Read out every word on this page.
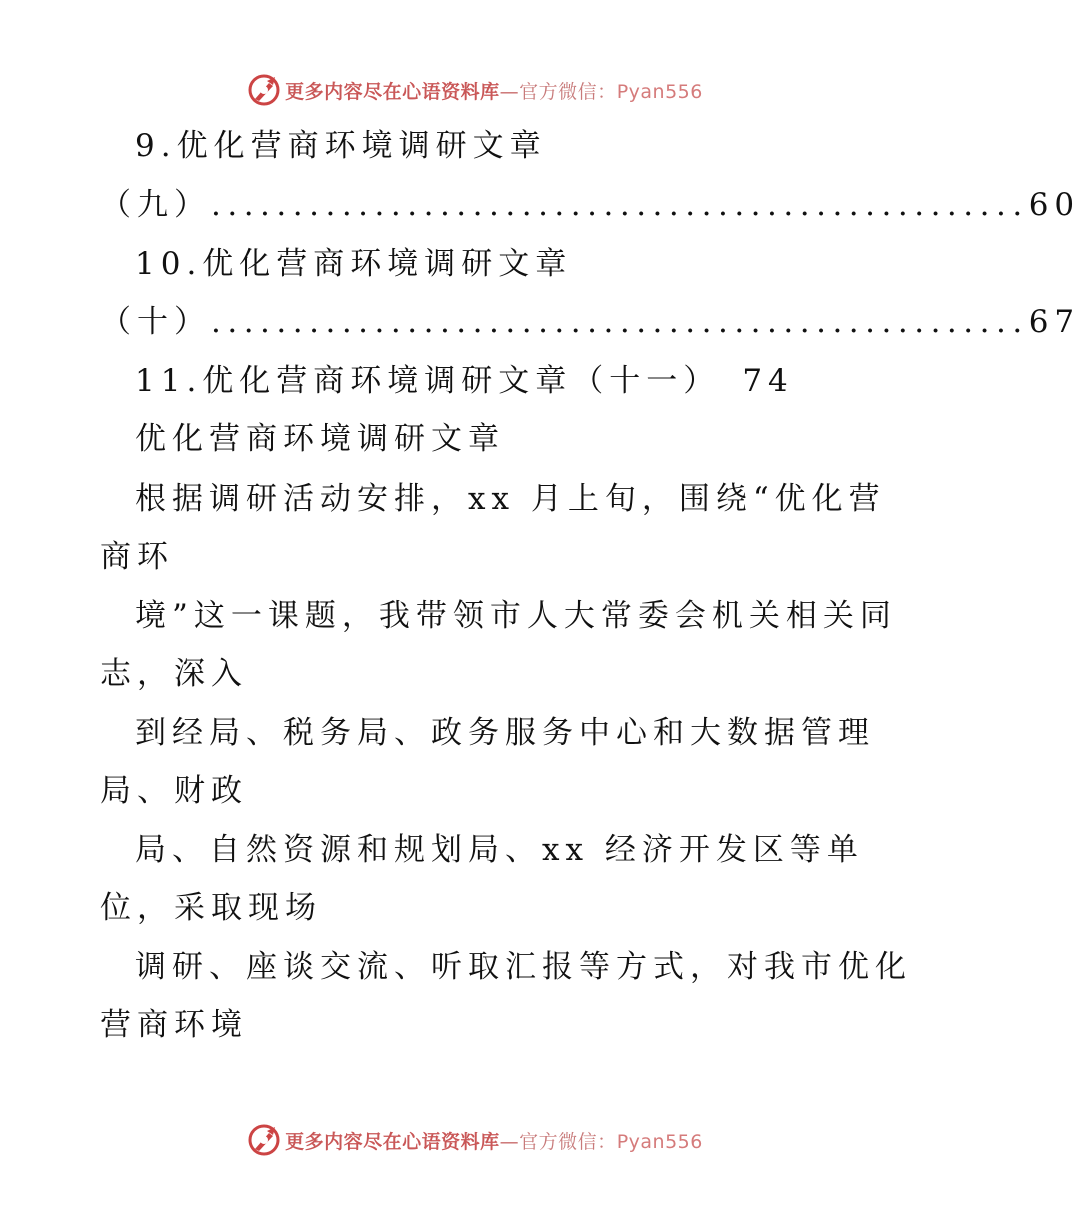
更多内容尽在心语资料库—官方微信：Pyan556
9.优化营商环境调研文章
（九） .................................................. 60
10.优化营商环境调研文章
（十） .................................................. 67
11.优化营商环境调研文章（十一） 74
优化营商环境调研文章
根据调研活动安排，xx 月上旬，围绕“优化营
商环
境”这一课题，我带领市人大常委会机关相关同
志，深入
到经局、税务局、政务服务中心和大数据管理
局、财政
局、自然资源和规划局、xx 经济开发区等单
位，采取现场
调研、座谈交流、听取汇报等方式，对我市优化
营商环境
更多内容尽在心语资料库—官方微信：Pyan556
